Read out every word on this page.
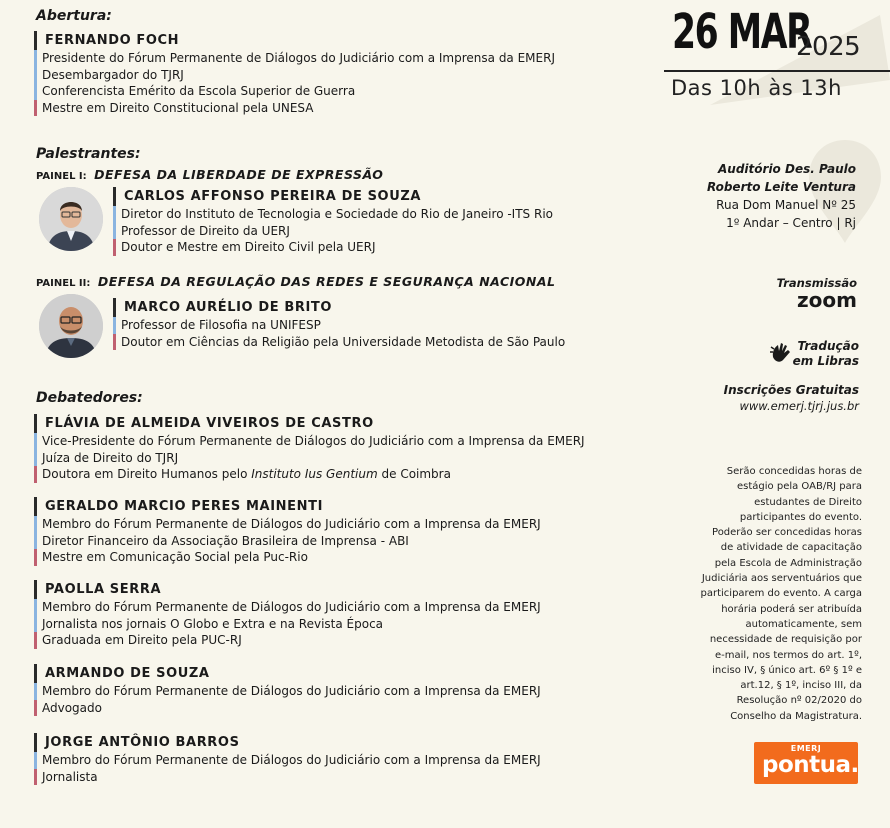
Abertura:
FERNANDO FOCH
Presidente do Fórum Permanente de Diálogos do Judiciário com a Imprensa da EMERJ
Desembargador do TJRJ
Conferencista Emérito da Escola Superior de Guerra
Mestre em Direito Constitucional pela UNESA
Palestrantes:
PAINEL I: DEFESA DA LIBERDADE DE EXPRESSÃO
CARLOS AFFONSO PEREIRA DE SOUZA
Diretor do Instituto de Tecnologia e Sociedade do Rio de Janeiro -ITS Rio
Professor de Direito da UERJ
Doutor e Mestre em Direito Civil pela UERJ
PAINEL II: DEFESA DA REGULAÇÃO DAS REDES E SEGURANÇA NACIONAL
MARCO AURÉLIO DE BRITO
Professor de Filosofia na UNIFESP
Doutor em Ciências da Religião pela Universidade Metodista de São Paulo
Debatedores:
FLÁVIA DE ALMEIDA VIVEIROS DE CASTRO
Vice-Presidente do Fórum Permanente de Diálogos do Judiciário com a Imprensa da EMERJ
Juíza de Direito do TJRJ
Doutora em Direito Humanos pelo Instituto Ius Gentium de Coimbra
GERALDO MARCIO PERES MAINENTI
Membro do Fórum Permanente de Diálogos do Judiciário com a Imprensa da EMERJ
Diretor Financeiro da Associação Brasileira de Imprensa - ABI
Mestre em Comunicação Social pela Puc-Rio
PAOLLA SERRA
Membro do Fórum Permanente de Diálogos do Judiciário com a Imprensa da EMERJ
Jornalista nos jornais O Globo e Extra e na Revista Época
Graduada em Direito pela PUC-RJ
ARMANDO DE SOUZA
Membro do Fórum Permanente de Diálogos do Judiciário com a Imprensa da EMERJ
Advogado
JORGE ANTÔNIO BARROS
Membro do Fórum Permanente de Diálogos do Judiciário com a Imprensa da EMERJ
Jornalista
26 MAR
2025
Das 10h às 13h
Auditório Des. Paulo
Roberto Leite Ventura
Rua Dom Manuel Nº 25
1º Andar – Centro | Rj
Transmissão
zoom
Tradução
em Libras
Inscrições Gratuitas
www.emerj.tjrj.jus.br
Serão concedidas horas de estágio pela OAB/RJ para estudantes de Direito participantes do evento. Poderão ser concedidas horas de atividade de capacitação pela Escola de Administração Judiciária aos serventuários que participarem do evento. A carga horária poderá ser atribuída automaticamente, sem necessidade de requisição por e-mail, nos termos do art. 1º, inciso IV, § único art. 6º § 1º e art.12, § 1º, inciso III, da Resolução nº 02/2020 do Conselho da Magistratura.
EMERJ
pontua.
